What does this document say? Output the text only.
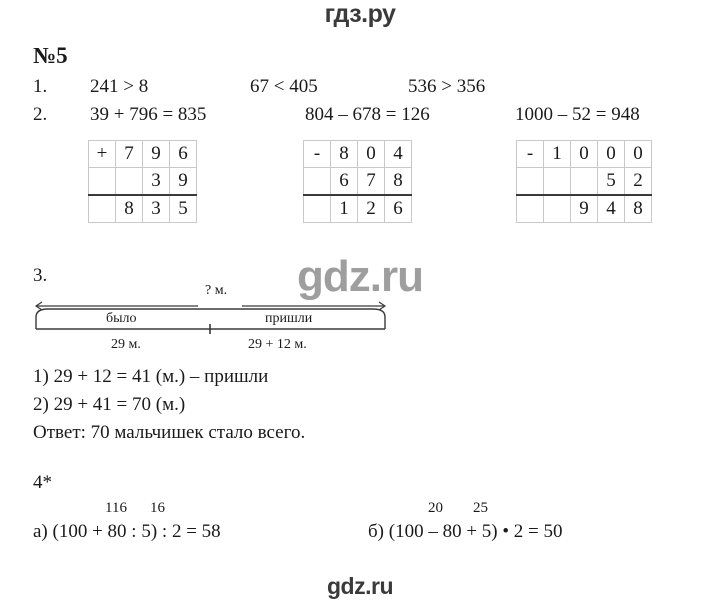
гдз.ру
gdz.ru
gdz.ru
№5
1. 241 > 8	67 < 405	536 > 356
2. 39 + 796 = 835	804 – 678 = 126	1000 – 52 = 948
+	7	9	6
		3	9
	8	3	5
-	8	0	4
	6	7	8
	1	2	6
-	1	0	0	0
			5	2
		9	4	8
3.
? м.
было	пришли
29 м.	29 + 12 м.
1) 29 + 12 = 41 (м.) – пришли
2) 29 + 41 = 70 (м.)
Ответ: 70 мальчишек стало всего.
4*
116 16
а) (100 + 80 : 5) : 2 = 58
20 25
б) (100 – 80 + 5) • 2 = 50
